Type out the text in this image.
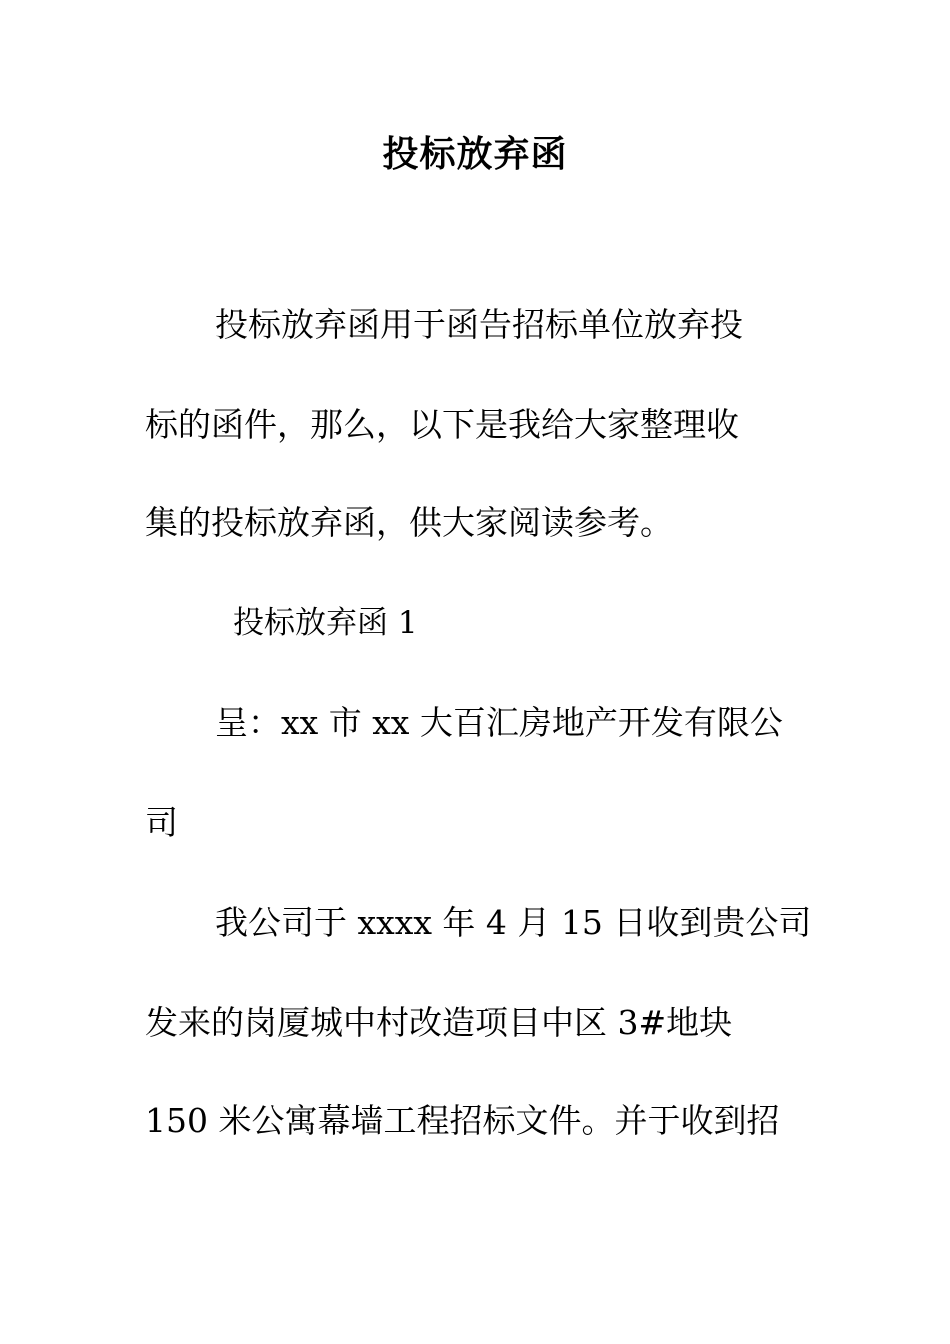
投标放弃函
投标放弃函用于函告招标单位放弃投
标的函件，那么，以下是我给大家整理收
集的投标放弃函，供大家阅读参考。
投标放弃函 1
呈：xx 市 xx 大百汇房地产开发有限公
司
我公司于 xxxx 年 4 月 15 日收到贵公司
发来的岗厦城中村改造项目中区 3#地块
150 米公寓幕墙工程招标文件。并于收到招
